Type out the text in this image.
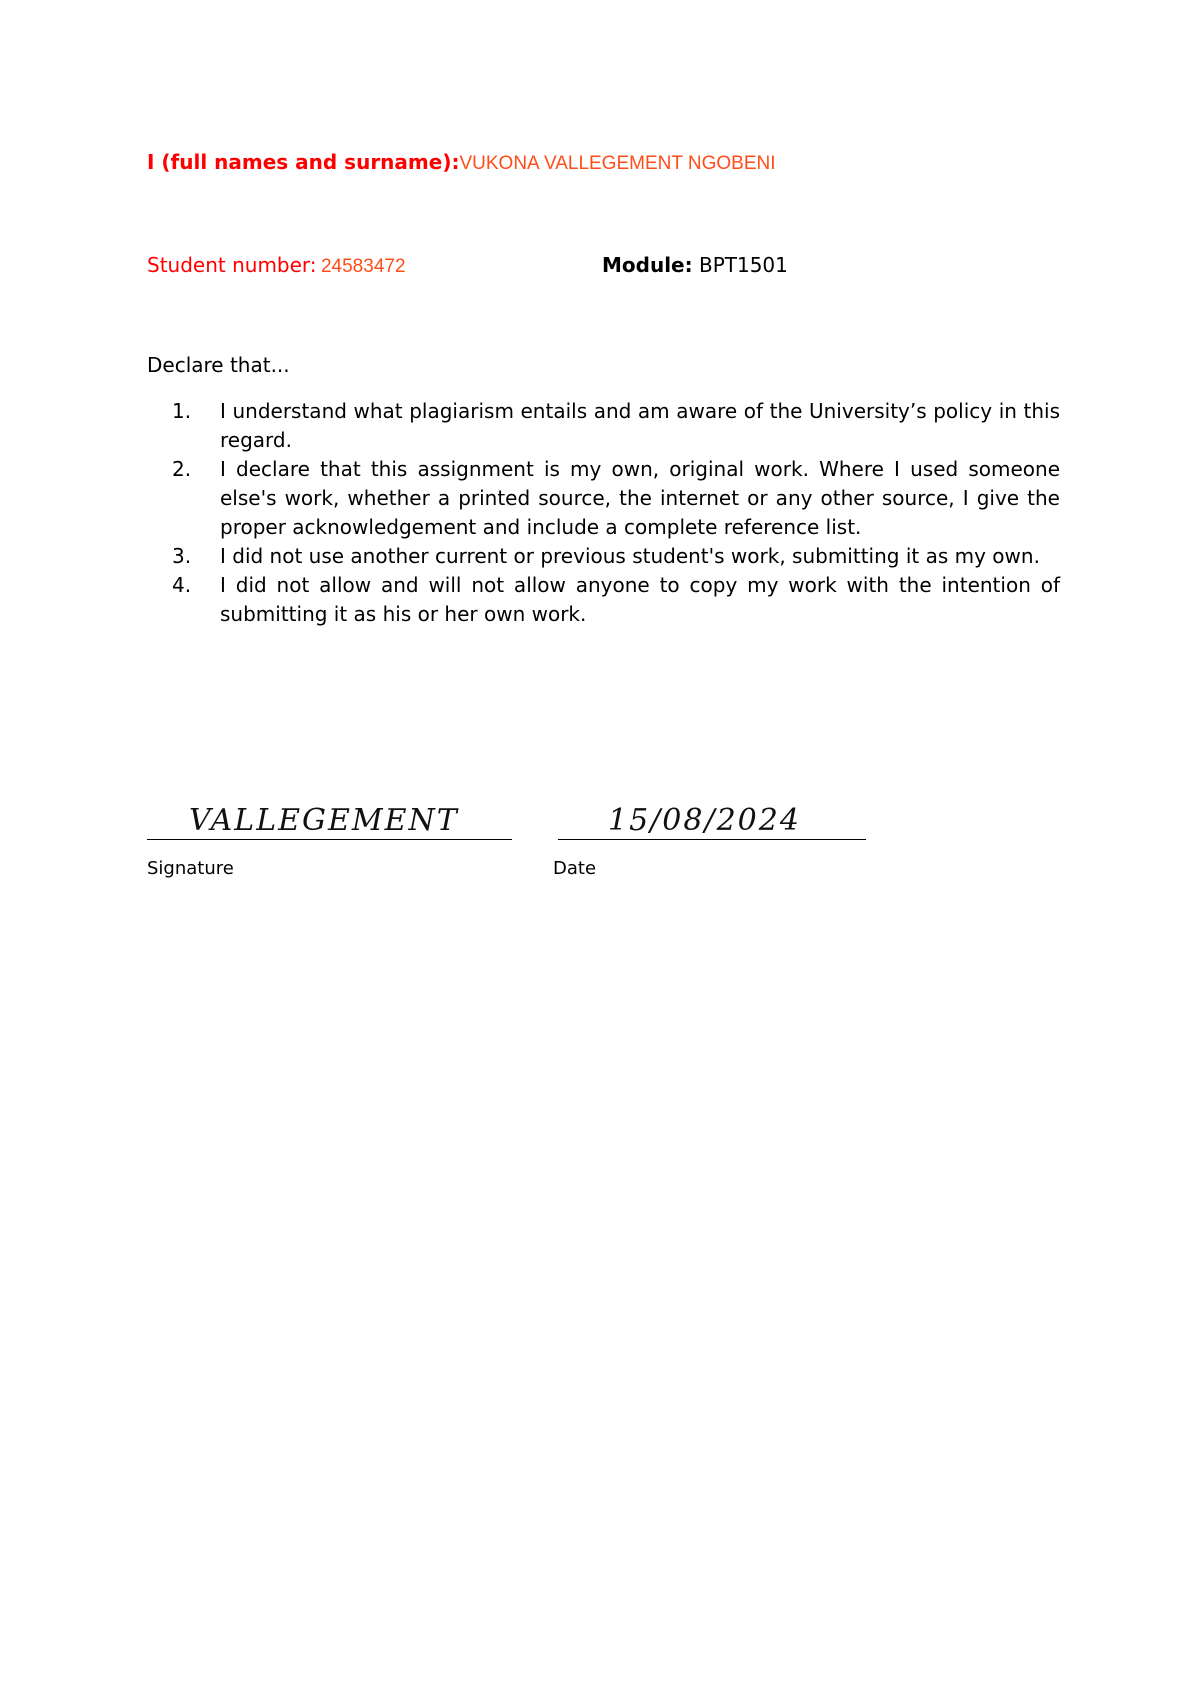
I (full names and surname):VUKONA VALLEGEMENT NGOBENI
Student number: 24583472	Module: BPT1501
Declare that...
1.	I understand what plagiarism entails and am aware of the University’s policy in this regard.
2.	I declare that this assignment is my own, original work. Where I used someone else's work, whether a printed source, the internet or any other source, I give the proper acknowledgement and include a complete reference list.
3.	I did not use another current or previous student's work, submitting it as my own.
4.	I did not allow and will not allow anyone to copy my work with the intention of submitting it as his or her own work.
VALLEGEMENT	15/08/2024
Signature	Date
